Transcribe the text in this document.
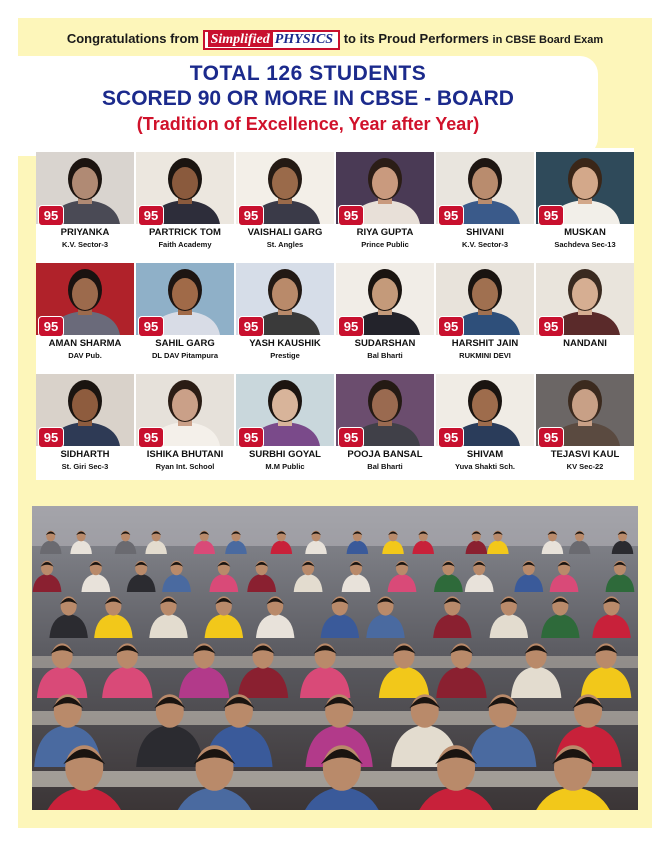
Congratulations from Simplified PHYSICS to its Proud Performers in CBSE Board Exam
TOTAL 126 STUDENTS
SCORED 90 OR MORE IN CBSE - BOARD
(Tradition of Excellence, Year after Year)
95
PRIYANKA
K.V. Sector-3
95
PARTRICK TOM
Faith Academy
95
VAISHALI GARG
St. Angles
95
RIYA GUPTA
Prince Public
95
SHIVANI
K.V. Sector-3
95
MUSKAN
Sachdeva Sec-13
95
AMAN SHARMA
DAV Pub.
95
SAHIL GARG
DL DAV Pitampura
95
YASH KAUSHIK
Prestige
95
SUDARSHAN
Bal Bharti
95
HARSHIT JAIN
RUKMINI DEVI
95
NANDANI
95
SIDHARTH
St. Giri Sec-3
95
ISHIKA BHUTANI
Ryan Int. School
95
SURBHI GOYAL
M.M Public
95
POOJA BANSAL
Bal Bharti
95
SHIVAM
Yuva Shakti Sch.
95
TEJASVI KAUL
KV Sec-22
